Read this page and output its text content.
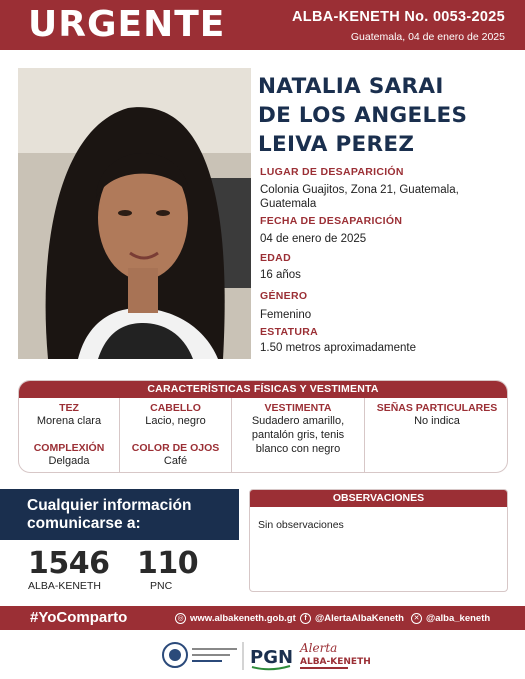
URGENTE	ALBA-KENETH No. 0053-2025
Guatemala, 04 de enero de 2025
NATALIA SARAI
DE LOS ANGELES
LEIVA PEREZ
LUGAR DE DESAPARICIÓN
Colonia Guajitos, Zona 21, Guatemala,
Guatemala
FECHA DE DESAPARICIÓN
04 de enero de 2025
EDAD
16 años
GÉNERO
Femenino
ESTATURA
1.50 metros aproximadamente
CARACTERÍSTICAS FÍSICAS Y VESTIMENTA
TEZ
Morena clara
COMPLEXIÓN
Delgada
CABELLO
Lacio, negro
COLOR DE OJOS
Café
VESTIMENTA
Sudadero amarillo,
pantalón gris, tenis
blanco con negro
SEÑAS PARTICULARES
No indica
Cualquier información
comunicarse a:
1546
ALBA-KENETH
110
PNC
OBSERVACIONES
Sin observaciones
#YoComparto	◎ www.albakeneth.gob.gt	f @AlertaAlbaKeneth	✕ @alba_keneth
PGN Alerta
ALBA-KENETH
